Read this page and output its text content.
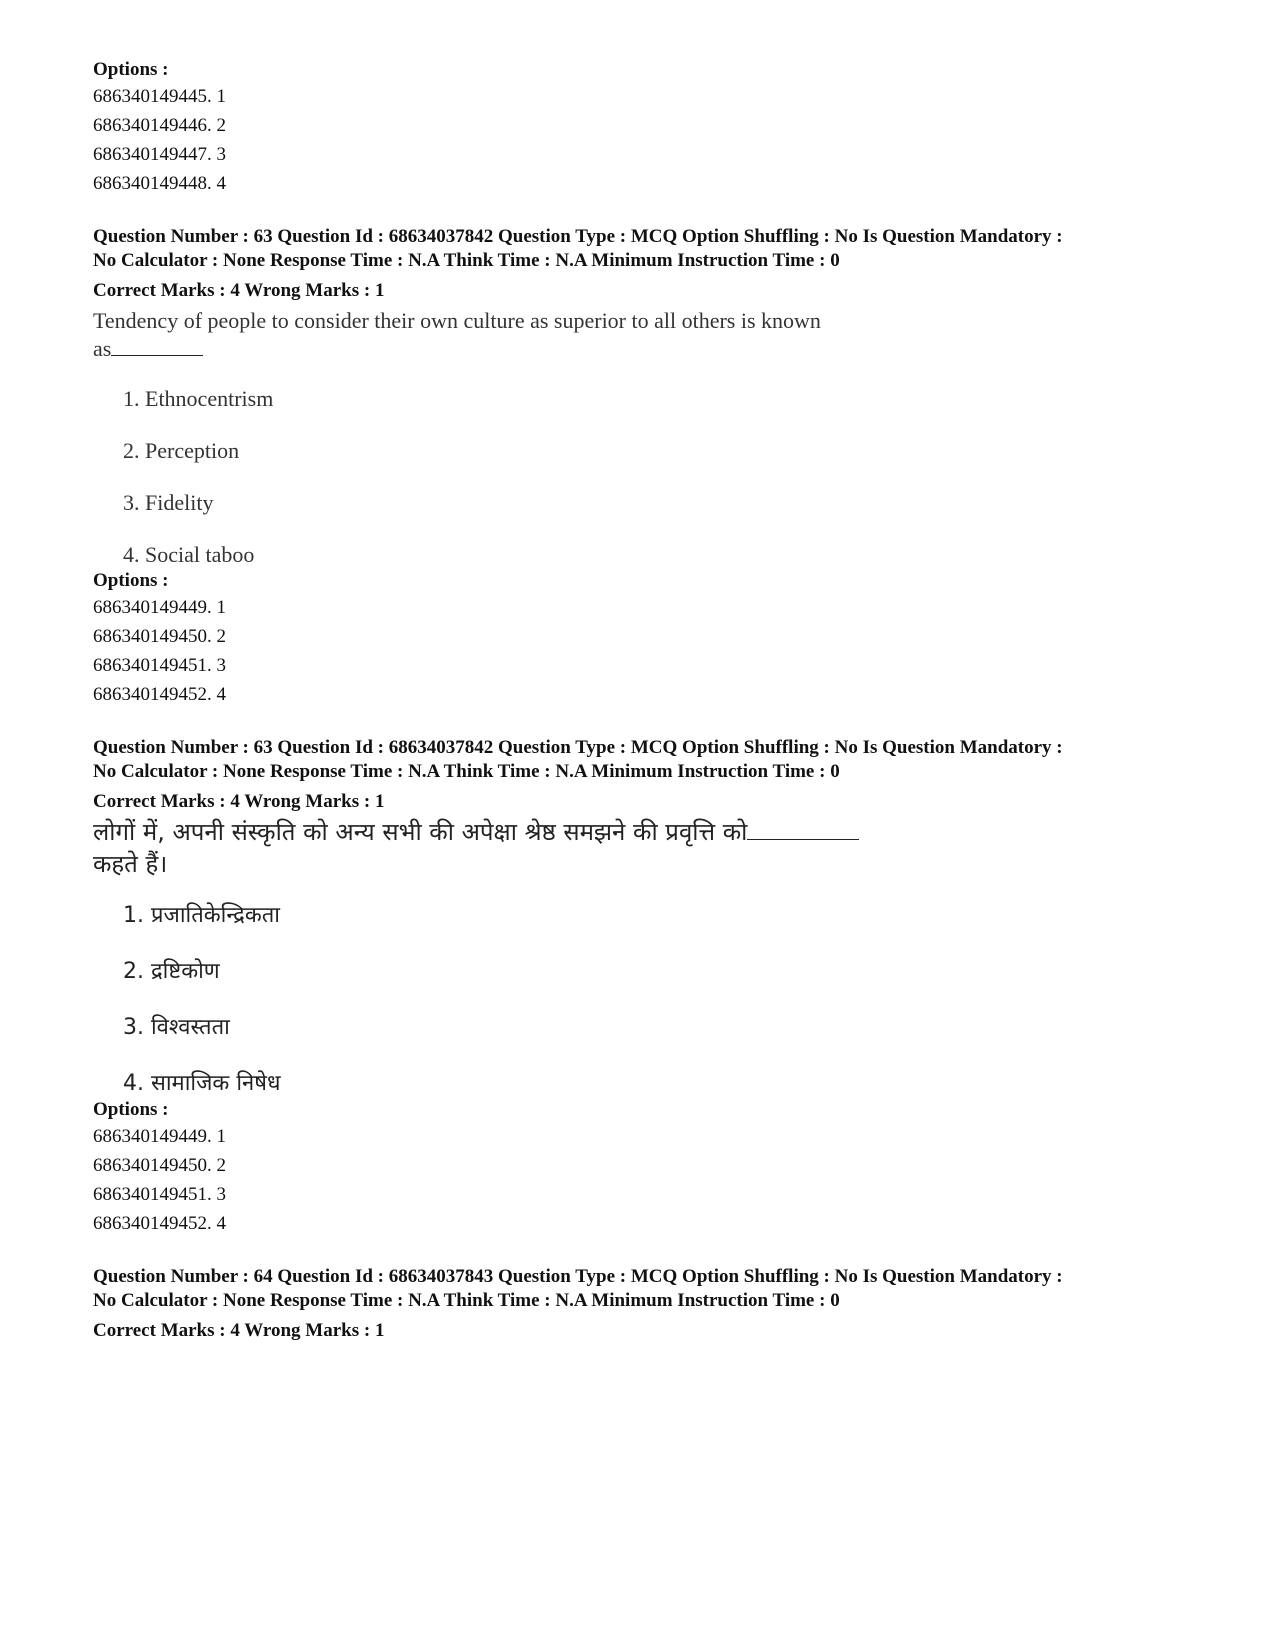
Options :
686340149445. 1
686340149446. 2
686340149447. 3
686340149448. 4

Question Number : 63 Question Id : 68634037842 Question Type : MCQ Option Shuffling : No Is Question Mandatory :

No Calculator : None Response Time : N.A Think Time : N.A Minimum Instruction Time : 0

Correct Marks : 4 Wrong Marks : 1

Tendency of people to consider their own culture as superior to all others is known
as
1. Ethnocentrism
2. Perception
3. Fidelity
4. Social taboo
Options :
686340149449. 1
686340149450. 2
686340149451. 3
686340149452. 4

Question Number : 63 Question Id : 68634037842 Question Type : MCQ Option Shuffling : No Is Question Mandatory :

No Calculator : None Response Time : N.A Think Time : N.A Minimum Instruction Time : 0

Correct Marks : 4 Wrong Marks : 1

लोगों में, अपनी संस्कृति को अन्य सभी की अपेक्षा श्रेष्ठ समझने की प्रवृत्ति को
कहते हैं।
1. प्रजातिकेन्द्रिकता
2. द्रष्टिकोण
3. विश्वस्तता
4. सामाजिक निषेध
Options :
686340149449. 1
686340149450. 2
686340149451. 3
686340149452. 4

Question Number : 64 Question Id : 68634037843 Question Type : MCQ Option Shuffling : No Is Question Mandatory :

No Calculator : None Response Time : N.A Think Time : N.A Minimum Instruction Time : 0

Correct Marks : 4 Wrong Marks : 1
